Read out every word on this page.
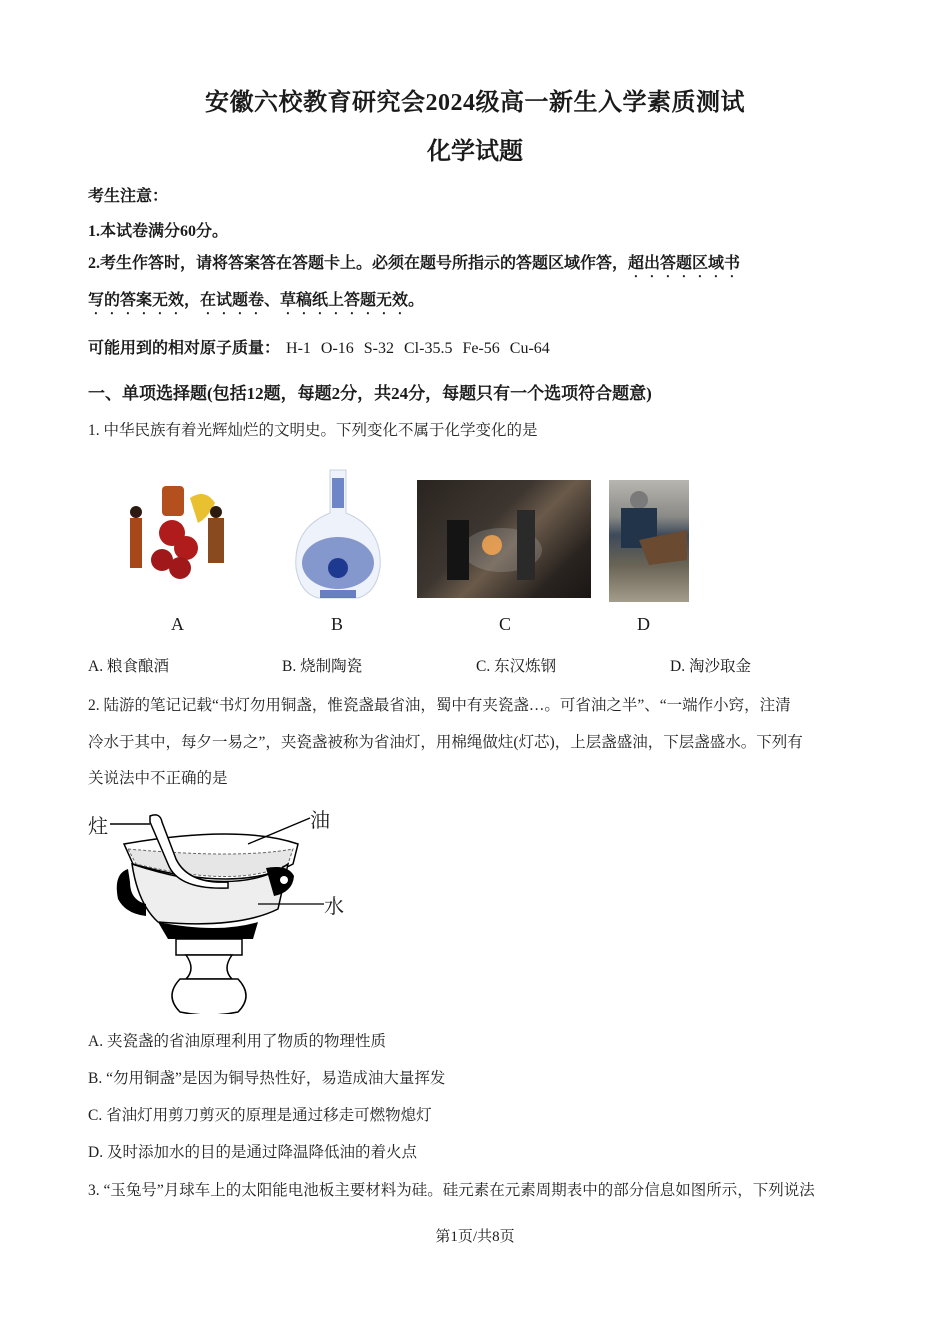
安徽六校教育研究会2024级高一新生入学素质测试
化学试题
考生注意：
1.本试卷满分60分。
2.考生作答时，请将答案答在答题卡上。必须在题号所指示的答题区域作答，超出答题区域书
写的答案无效，在试题卷、草稿纸上答题无效。
可能用到的相对原子质量： H-1 O-16 S-32 Cl-35.5 Fe-56 Cu-64
一、单项选择题(包括12题，每题2分，共24分，每题只有一个选项符合题意)
1. 中华民族有着光辉灿烂的文明史。下列变化不属于化学变化的是
A	B	C	D
A. 粮食酿酒	B. 烧制陶瓷	C. 东汉炼钢	D. 淘沙取金
2. 陆游的笔记记载“书灯勿用铜盏，惟瓷盏最省油，蜀中有夹瓷盏…。可省油之半”、“一端作小窍，注清
冷水于其中，每夕一易之”，夹瓷盏被称为省油灯，用棉绳做炷(灯芯)，上层盏盛油，下层盏盛水。下列有
关说法中不正确的是
炷	油
水
A. 夹瓷盏的省油原理利用了物质的物理性质
B. “勿用铜盏”是因为铜导热性好，易造成油大量挥发
C. 省油灯用剪刀剪灭的原理是通过移走可燃物熄灯
D. 及时添加水的目的是通过降温降低油的着火点
3. “玉兔号”月球车上的太阳能电池板主要材料为硅。硅元素在元素周期表中的部分信息如图所示，下列说法
第1页/共8页
